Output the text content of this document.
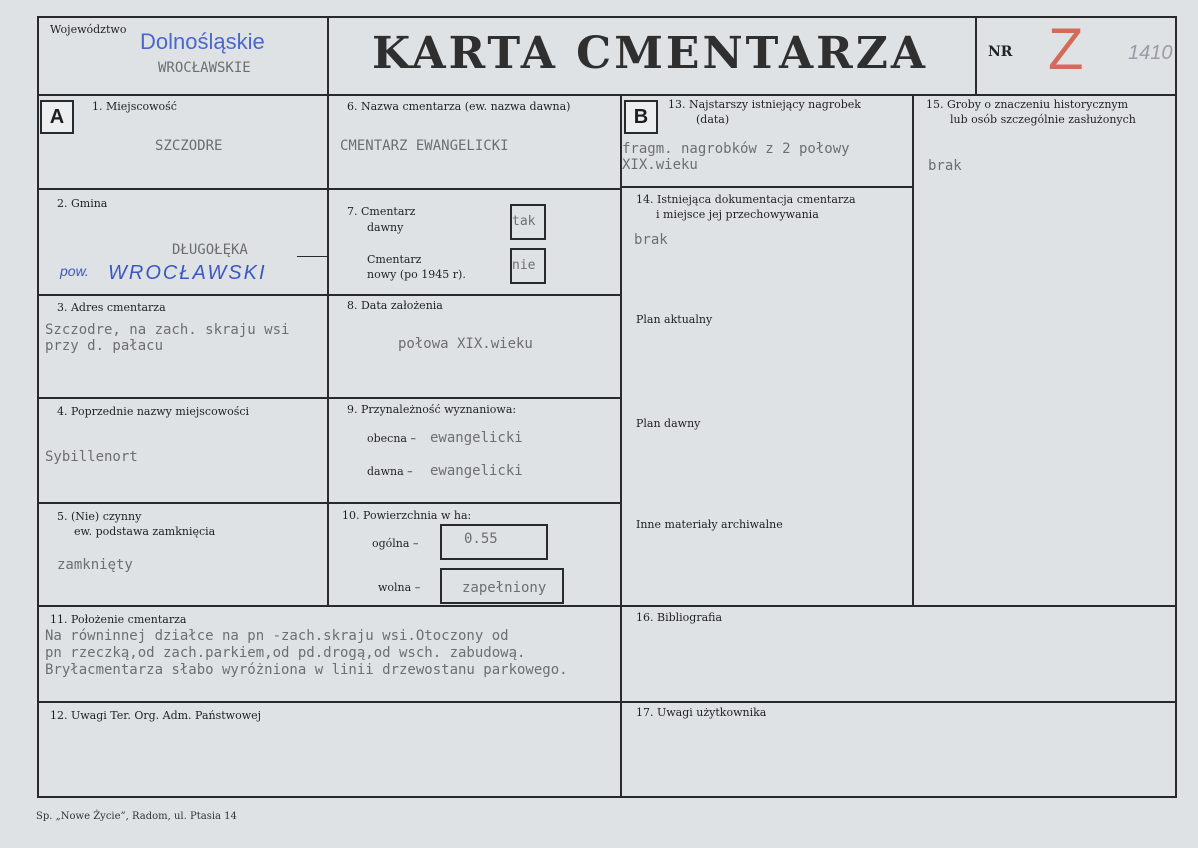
Województwo Dolnośląskie
WROCŁAWSKIE	KARTA CMENTARZA	NR Z 1410
A	1. Miejscowość
SZCZODRE
2. Gmina
DŁUGOŁĘKA
pow. WROCŁAWSKI
3. Adres cmentarza
Szczodre, na zach. skraju wsi przy d. pałacu
4. Poprzednie nazwy miejscowości
Sybillenort
5. (Nie) czynny
ew. podstawa zamknięcia
zamknięty
6. Nazwa cmentarza (ew. nazwa dawna)
CMENTARZ EWANGELICKI
7. Cmentarz
dawny	tak
Cmentarz
nowy (po 1945 r).
nie
8. Data założenia
połowa XIX.wieku
9. Przynależność wyznaniowa:
obecna – ewangelicki
dawna – ewangelicki
10. Powierzchnia w ha:
ogólna –	0.55
wolna –	zapełniony
B
13. Najstarszy istniejący nagrobek
(data)
fragm. nagrobków z 2 połowy XIX.wieku
14. Istniejąca dokumentacja cmentarza
i miejsce jej przechowywania
brak
Plan aktualny
Plan dawny
Inne materiały archiwalne
15. Groby o znaczeniu historycznym
lub osób szczególnie zasłużonych
brak
11. Położenie cmentarza
Na równinnej działce na pn -zach.skraju wsi.Otoczony od
pn rzeczką,od zach.parkiem,od pd.drogą,od wsch. zabudową.
Bryłacmentarza słabo wyróżniona w linii drzewostanu parkowego.
12. Uwagi Ter. Org. Adm. Państwowej
16. Bibliografia
17. Uwagi użytkownika
Sp. „Nowe Życie”, Radom, ul. Ptasia 14
